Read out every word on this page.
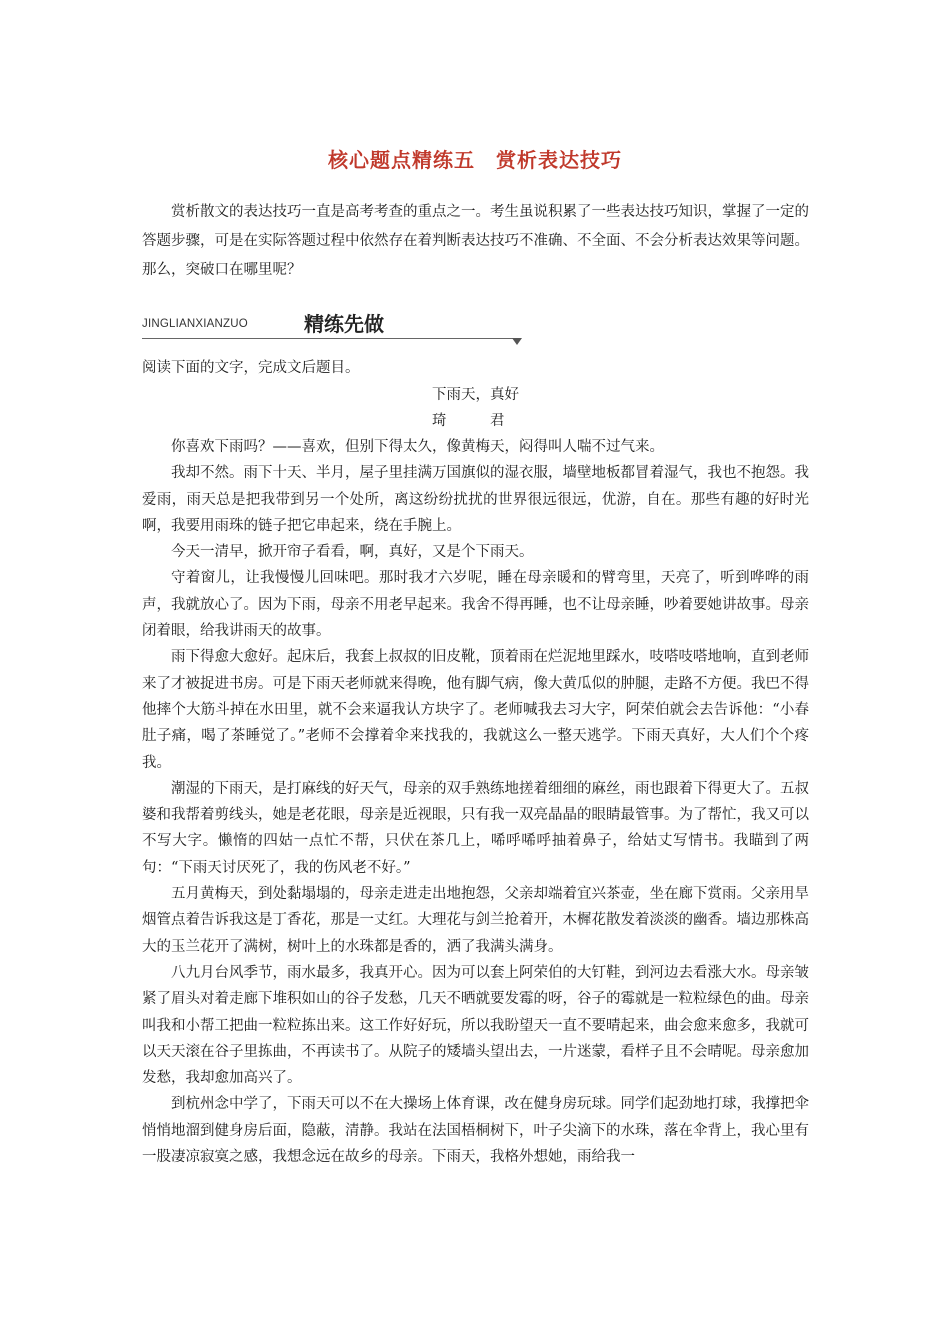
核心题点精练五　赏析表达技巧

赏析散文的表达技巧一直是高考考查的重点之一。考生虽说积累了一些表达技巧知识，掌握了一定的答题步骤，可是在实际答题过程中依然存在着判断表达技巧不准确、不全面、不会分析表达效果等问题。那么，突破口在哪里呢？

JINGLIANXIANZUO	精练先做

阅读下面的文字，完成文后题目。

下雨天，真好

琦　君

你喜欢下雨吗？——喜欢，但别下得太久，像黄梅天，闷得叫人喘不过气来。

我却不然。雨下十天、半月，屋子里挂满万国旗似的湿衣服，墙壁地板都冒着湿气，我也不抱怨。我爱雨，雨天总是把我带到另一个处所，离这纷纷扰扰的世界很远很远，优游，自在。那些有趣的好时光啊，我要用雨珠的链子把它串起来，绕在手腕上。

今天一清早，掀开帘子看看，啊，真好，又是个下雨天。

守着窗儿，让我慢慢儿回味吧。那时我才六岁呢，睡在母亲暖和的臂弯里，天亮了，听到哗哗的雨声，我就放心了。因为下雨，母亲不用老早起来。我舍不得再睡，也不让母亲睡，吵着要她讲故事。母亲闭着眼，给我讲雨天的故事。

雨下得愈大愈好。起床后，我套上叔叔的旧皮靴，顶着雨在烂泥地里踩水，吱嗒吱嗒地响，直到老师来了才被捉进书房。可是下雨天老师就来得晚，他有脚气病，像大黄瓜似的肿腿，走路不方便。我巴不得他摔个大筋斗掉在水田里，就不会来逼我认方块字了。老师喊我去习大字，阿荣伯就会去告诉他：“小春肚子痛，喝了茶睡觉了。”老师不会撑着伞来找我的，我就这么一整天逃学。下雨天真好，大人们个个疼我。

潮湿的下雨天，是打麻线的好天气，母亲的双手熟练地搓着细细的麻丝，雨也跟着下得更大了。五叔婆和我帮着剪线头，她是老花眼，母亲是近视眼，只有我一双亮晶晶的眼睛最管事。为了帮忙，我又可以不写大字。懒惰的四姑一点忙不帮，只伏在茶几上，唏呼唏呼抽着鼻子，给姑丈写情书。我瞄到了两句：“下雨天讨厌死了，我的伤风老不好。”

五月黄梅天，到处黏塌塌的，母亲走进走出地抱怨，父亲却端着宜兴茶壶，坐在廊下赏雨。父亲用旱烟管点着告诉我这是丁香花，那是一丈红。大理花与剑兰抢着开，木樨花散发着淡淡的幽香。墙边那株高大的玉兰花开了满树，树叶上的水珠都是香的，洒了我满头满身。

八九月台风季节，雨水最多，我真开心。因为可以套上阿荣伯的大钉鞋，到河边去看涨大水。母亲皱紧了眉头对着走廊下堆积如山的谷子发愁，几天不晒就要发霉的呀，谷子的霉就是一粒粒绿色的曲。母亲叫我和小帮工把曲一粒粒拣出来。这工作好好玩，所以我盼望天一直不要晴起来，曲会愈来愈多，我就可以天天滚在谷子里拣曲，不再读书了。从院子的矮墙头望出去，一片迷蒙，看样子且不会晴呢。母亲愈加发愁，我却愈加高兴了。

到杭州念中学了，下雨天可以不在大操场上体育课，改在健身房玩球。同学们起劲地打球，我撑把伞悄悄地溜到健身房后面，隐蔽，清静。我站在法国梧桐树下，叶子尖滴下的水珠，落在伞背上，我心里有一股凄凉寂寞之感，我想念远在故乡的母亲。下雨天，我格外想她，雨给我一
